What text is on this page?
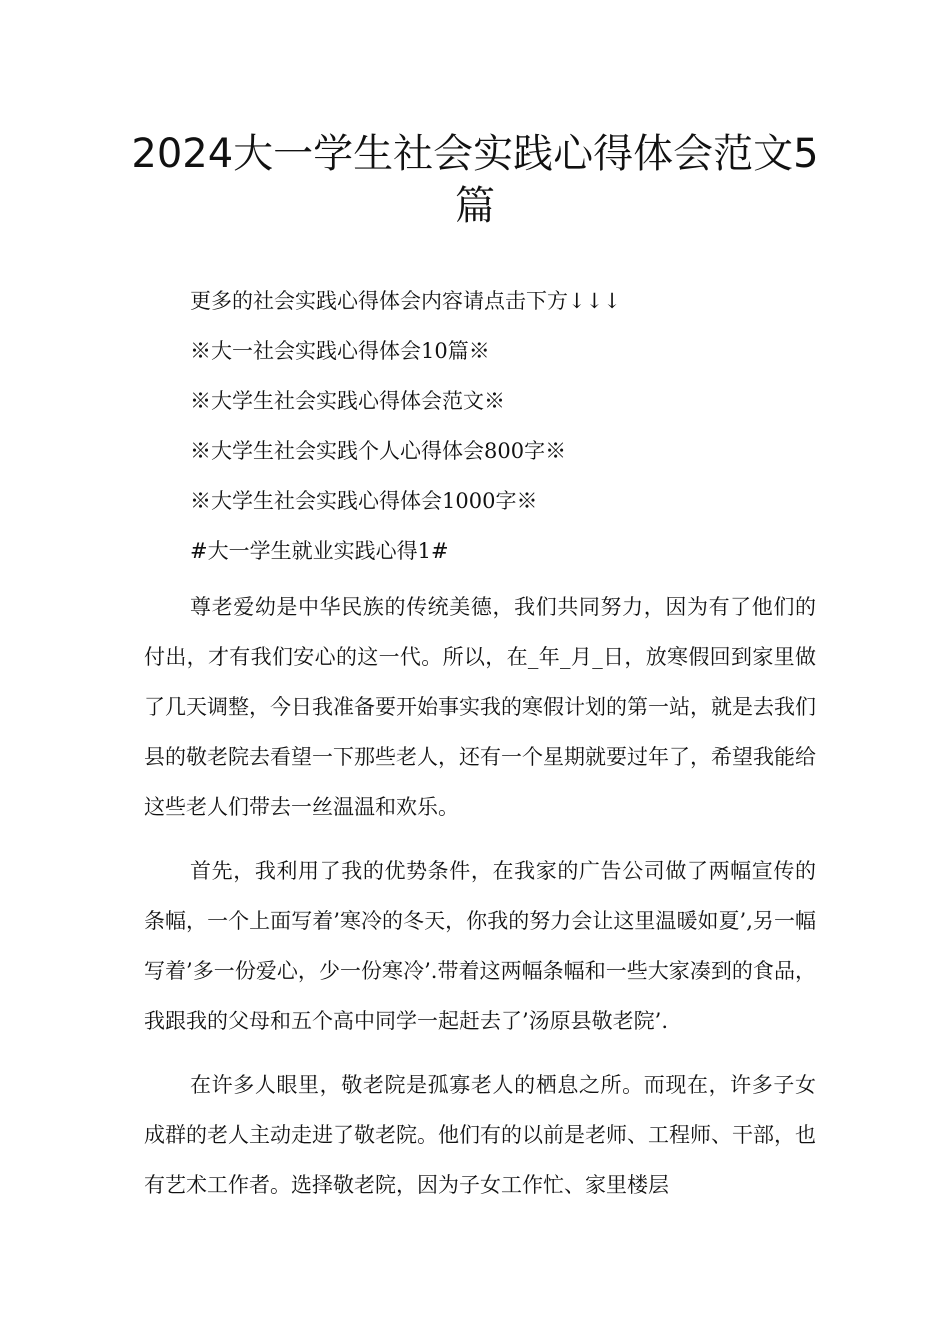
2024大一学生社会实践心得体会范文5篇

更多的社会实践心得体会内容请点击下方↓↓↓

※大一社会实践心得体会10篇※

※大学生社会实践心得体会范文※

※大学生社会实践个人心得体会800字※

※大学生社会实践心得体会1000字※

#大一学生就业实践心得1#

尊老爱幼是中华民族的传统美德，我们共同努力，因为有了他们的付出，才有我们安心的这一代。所以，在_年_月_日，放寒假回到家里做了几天调整，今日我准备要开始事实我的寒假计划的第一站，就是去我们县的敬老院去看望一下那些老人，还有一个星期就要过年了，希望我能给这些老人们带去一丝温温和欢乐。

首先，我利用了我的优势条件，在我家的广告公司做了两幅宣传的条幅，一个上面写着’寒冷的冬天，你我的努力会让这里温暖如夏’,另一幅写着’多一份爱心，少一份寒冷’.带着这两幅条幅和一些大家凑到的食品，我跟我的父母和五个高中同学一起赶去了’汤原县敬老院’.

在许多人眼里，敬老院是孤寡老人的栖息之所。而现在，许多子女成群的老人主动走进了敬老院。他们有的以前是老师、工程师、干部，也有艺术工作者。选择敬老院，因为子女工作忙、家里楼层
